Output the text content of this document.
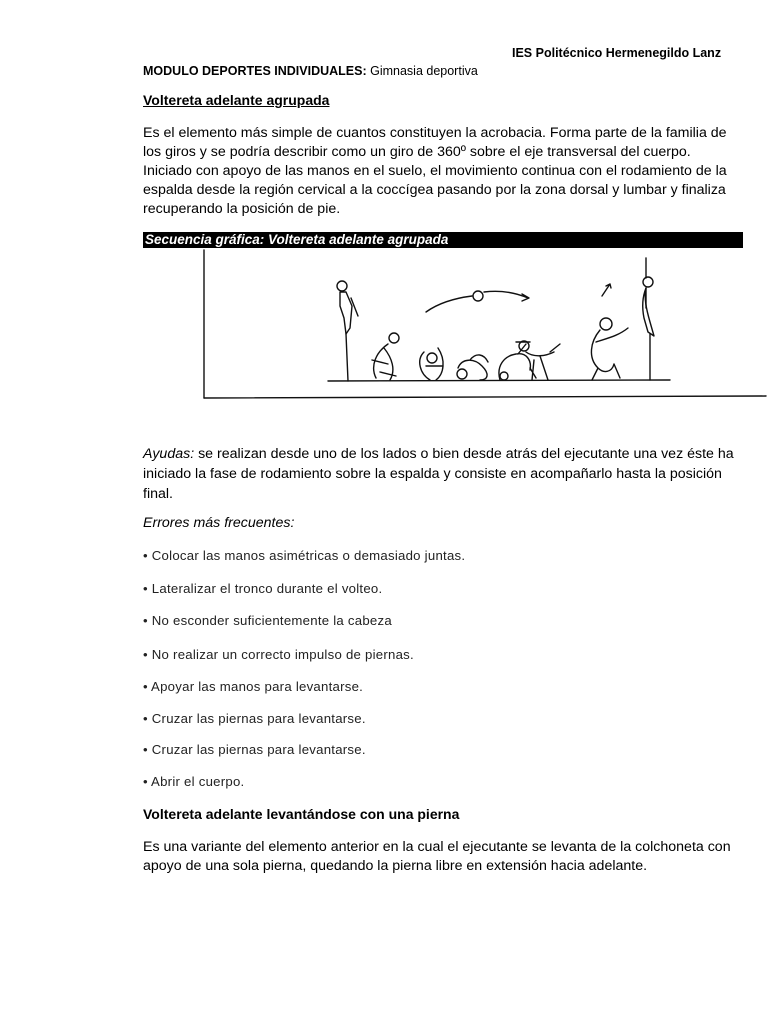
IES Politécnico Hermenegildo Lanz
MODULO DEPORTES INDIVIDUALES: Gimnasia deportiva
Voltereta adelante agrupada
Es el elemento más simple de cuantos constituyen la acrobacia. Forma parte de la familia de
los giros y se podría describir como un giro de 360º sobre el eje transversal del cuerpo.
Iniciado con apoyo de las manos en el suelo, el movimiento continua con el rodamiento de la
espalda desde la región cervical a la coccígea pasando por la zona dorsal y lumbar y finaliza
recuperando la posición de pie.
Secuencia gráfica: Voltereta adelante agrupada
Ayudas: se realizan desde uno de los lados o bien desde atrás del ejecutante una vez éste ha
iniciado la fase de rodamiento sobre la espalda y consiste en acompañarlo hasta la posición
final.
Errores más frecuentes:
• Colocar las manos asimétricas o demasiado juntas.
• Lateralizar el tronco durante el volteo.
• No esconder suficientemente la cabeza
• No realizar un correcto impulso de piernas.
• Apoyar las manos para levantarse.
• Cruzar las piernas para levantarse.
• Cruzar las piernas para levantarse.
• Abrir el cuerpo.
Voltereta adelante levantándose con una pierna
Es una variante del elemento anterior en la cual el ejecutante se levanta de la colchoneta con
apoyo de una sola pierna, quedando la pierna libre en extensión hacia adelante.
